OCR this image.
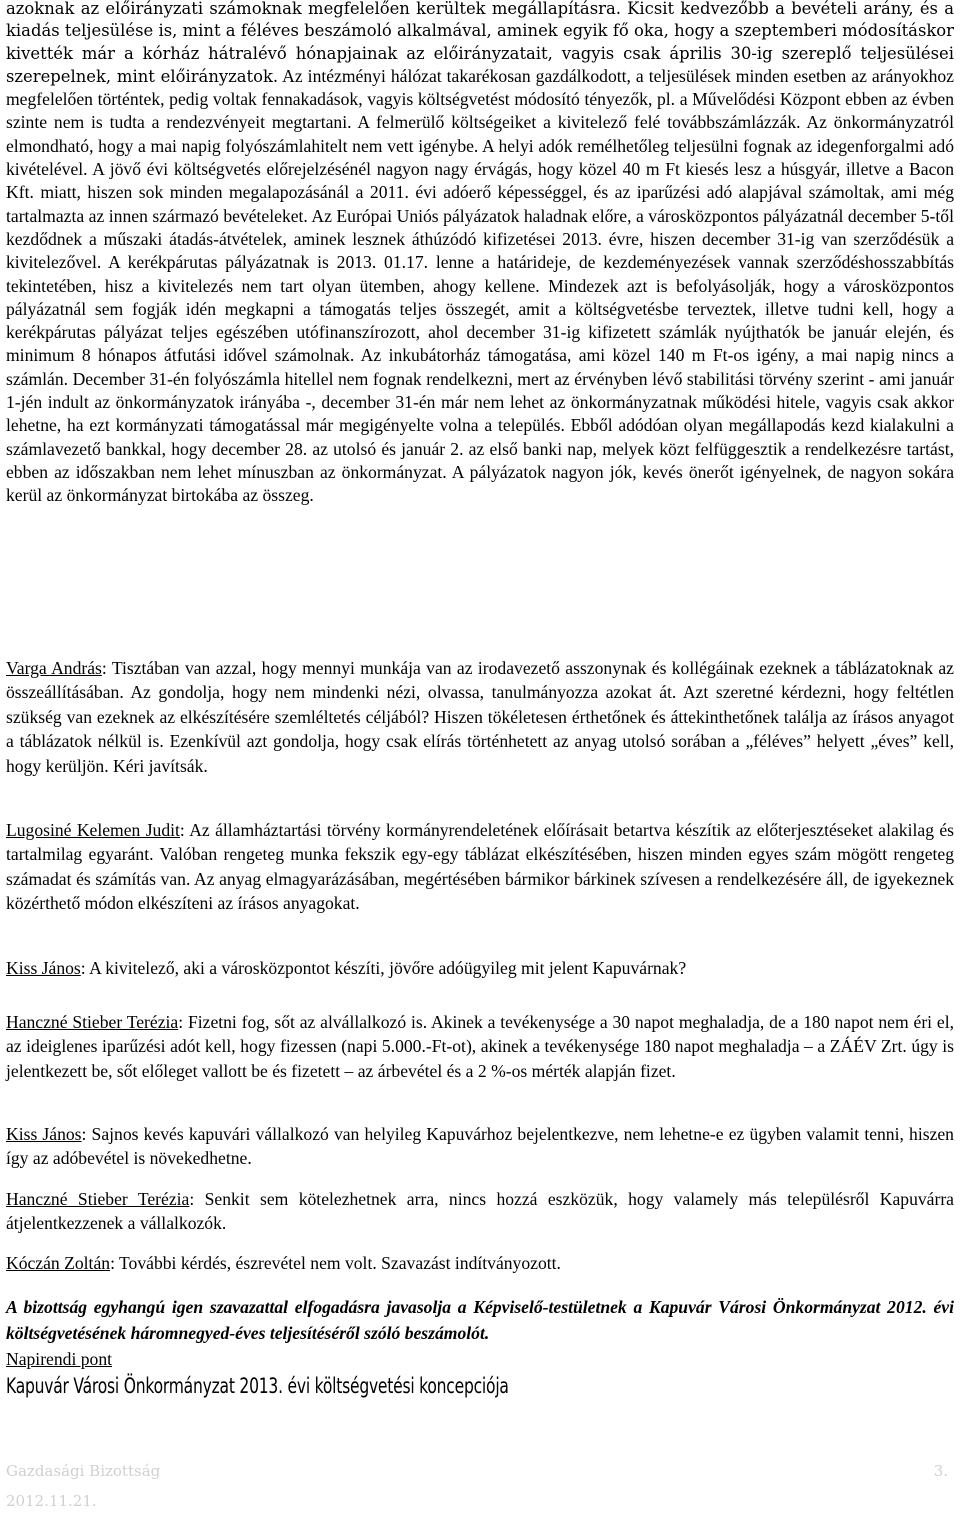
azoknak az előirányzati számoknak megfelelően kerültek megállapításra. Kicsit kedvezőbb a bevételi arány, és a kiadás teljesülése is, mint a féléves beszámoló alkalmával, aminek egyik fő oka, hogy a szeptemberi módosításkor kivették már a kórház hátralévő hónapjainak az előirányzatait, vagyis csak április 30-ig szereplő teljesülései szerepelnek, mint előirányzatok. Az intézményi hálózat takarékosan gazdálkodott, a teljesülések minden esetben az arányokhoz megfelelően történtek, pedig voltak fennakadások, vagyis költségvetést módosító tényezők, pl. a Művelődési Központ ebben az évben szinte nem is tudta a rendezvényeit megtartani. A felmerülő költségeiket a kivitelező felé továbbszámlázzák. Az önkormányzatról elmondható, hogy a mai napig folyószámlahitelt nem vett igénybe. A helyi adók remélhetőleg teljesülni fognak az idegenforgalmi adó kivételével. A jövő évi költségvetés előrejelzésénél nagyon nagy érvágás, hogy közel 40 m Ft kiesés lesz a húsgyár, illetve a Bacon Kft. miatt, hiszen sok minden megalapozásánál a 2011. évi adóerő képességgel, és az iparűzési adó alapjával számoltak, ami még tartalmazta az innen származó bevételeket. Az Európai Uniós pályázatok haladnak előre, a városközpontos pályázatnál december 5-től kezdődnek a műszaki átadás-átvételek, aminek lesznek áthúzódó kifizetései 2013. évre, hiszen december 31-ig van szerződésük a kivitelezővel. A kerékpárutas pályázatnak is 2013. 01.17. lenne a határideje, de kezdeményezések vannak szerződéshosszabbítás tekintetében, hisz a kivitelezés nem tart olyan ütemben, ahogy kellene. Mindezek azt is befolyásolják, hogy a városközpontos pályázatnál sem fogják idén megkapni a támogatás teljes összegét, amit a költségvetésbe terveztek, illetve tudni kell, hogy a kerékpárutas pályázat teljes egészében utófinanszírozott, ahol december 31-ig kifizetett számlák nyújthatók be január elején, és minimum 8 hónapos átfutási idővel számolnak. Az inkubátorház támogatása, ami közel 140 m Ft-os igény, a mai napig nincs a számlán. December 31-én folyószámla hitellel nem fognak rendelkezni, mert az érvényben lévő stabilitási törvény szerint - ami január 1-jén indult az önkormányzatok irányába -, december 31-én már nem lehet az önkormányzatnak működési hitele, vagyis csak akkor lehetne, ha ezt kormányzati támogatással már megigényelte volna a település. Ebből adódóan olyan megállapodás kezd kialakulni a számlavezető bankkal, hogy december 28. az utolsó és január 2. az első banki nap, melyek közt felfüggesztik a rendelkezésre tartást, ebben az időszakban nem lehet mínuszban az önkormányzat. A pályázatok nagyon jók, kevés önerőt igényelnek, de nagyon sokára kerül az önkormányzat birtokába az összeg.

Varga András: Tisztában van azzal, hogy mennyi munkája van az irodavezető asszonynak és kollégáinak ezeknek a táblázatoknak az összeállításában. Az gondolja, hogy nem mindenki nézi, olvassa, tanulmányozza azokat át. Azt szeretné kérdezni, hogy feltétlen szükség van ezeknek az elkészítésére szemléltetés céljából? Hiszen tökéletesen érthetőnek és áttekinthetőnek találja az írásos anyagot a táblázatok nélkül is. Ezenkívül azt gondolja, hogy csak elírás történhetett az anyag utolsó sorában a „féléves” helyett „éves” kell, hogy kerüljön. Kéri javítsák.

Lugosiné Kelemen Judit: Az államháztartási törvény kormányrendeletének előírásait betartva készítik az előterjesztéseket alakilag és tartalmilag egyaránt. Valóban rengeteg munka fekszik egy-egy táblázat elkészítésében, hiszen minden egyes szám mögött rengeteg számadat és számítás van. Az anyag elmagyarázásában, megértésében bármikor bárkinek szívesen a rendelkezésére áll, de igyekeznek közérthető módon elkészíteni az írásos anyagokat.

Kiss János: A kivitelező, aki a városközpontot készíti, jövőre adóügyileg mit jelent Kapuvárnak?

Hanczné Stieber Terézia: Fizetni fog, sőt az alvállalkozó is. Akinek a tevékenysége a 30 napot meghaladja, de a 180 napot nem éri el, az ideiglenes iparűzési adót kell, hogy fizessen (napi 5.000.-Ft-ot), akinek a tevékenysége 180 napot meghaladja – a ZÁÉV Zrt. úgy is jelentkezett be, sőt előleget vallott be és fizetett – az árbevétel és a 2 %-os mérték alapján fizet.

Kiss János: Sajnos kevés kapuvári vállalkozó van helyileg Kapuvárhoz bejelentkezve, nem lehetne-e ez ügyben valamit tenni, hiszen így az adóbevétel is növekedhetne.

Hanczné Stieber Terézia: Senkit sem kötelezhetnek arra, nincs hozzá eszközük, hogy valamely más településről Kapuvárra átjelentkezzenek a vállalkozók.

Kóczán Zoltán: További kérdés, észrevétel nem volt. Szavazást indítványozott.

A bizottság egyhangú igen szavazattal elfogadásra javasolja a Képviselő-testületnek a Kapuvár Városi Önkormányzat 2012. évi költségvetésének háromnegyed-éves teljesítéséről szóló beszámolót.

Napirendi pont
Kapuvár Városi Önkormányzat 2013. évi költségvetési koncepciója
Gazdasági Bizottság	3.
2012.11.21.
